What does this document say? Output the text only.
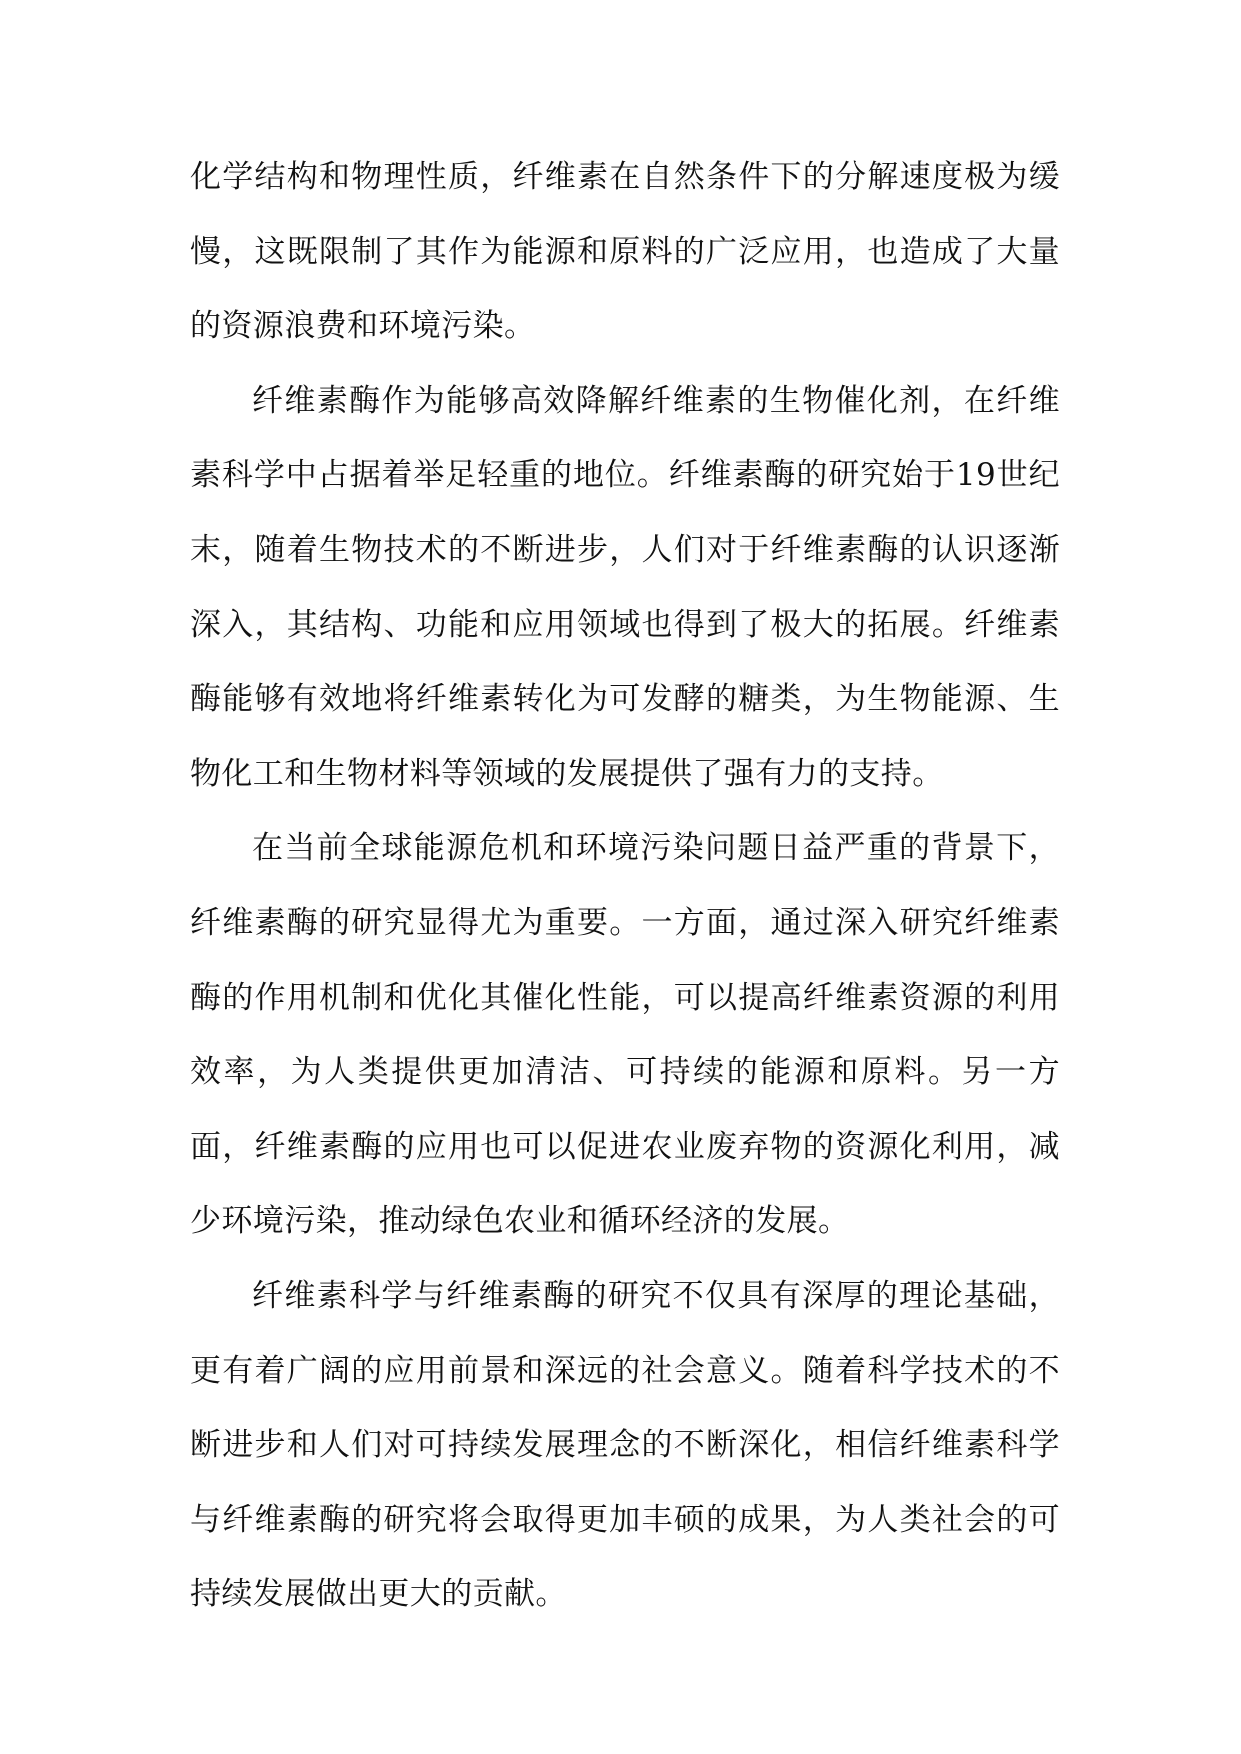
化学结构和物理性质，纤维素在自然条件下的分解速度极为缓慢，这既限制了其作为能源和原料的广泛应用，也造成了大量的资源浪费和环境污染。

纤维素酶作为能够高效降解纤维素的生物催化剂，在纤维素科学中占据着举足轻重的地位。纤维素酶的研究始于19世纪末，随着生物技术的不断进步，人们对于纤维素酶的认识逐渐深入，其结构、功能和应用领域也得到了极大的拓展。纤维素酶能够有效地将纤维素转化为可发酵的糖类，为生物能源、生物化工和生物材料等领域的发展提供了强有力的支持。

在当前全球能源危机和环境污染问题日益严重的背景下，纤维素酶的研究显得尤为重要。一方面，通过深入研究纤维素酶的作用机制和优化其催化性能，可以提高纤维素资源的利用效率，为人类提供更加清洁、可持续的能源和原料。另一方面，纤维素酶的应用也可以促进农业废弃物的资源化利用，减少环境污染，推动绿色农业和循环经济的发展。

纤维素科学与纤维素酶的研究不仅具有深厚的理论基础，更有着广阔的应用前景和深远的社会意义。随着科学技术的不断进步和人们对可持续发展理念的不断深化，相信纤维素科学与纤维素酶的研究将会取得更加丰硕的成果，为人类社会的可持续发展做出更大的贡献。
